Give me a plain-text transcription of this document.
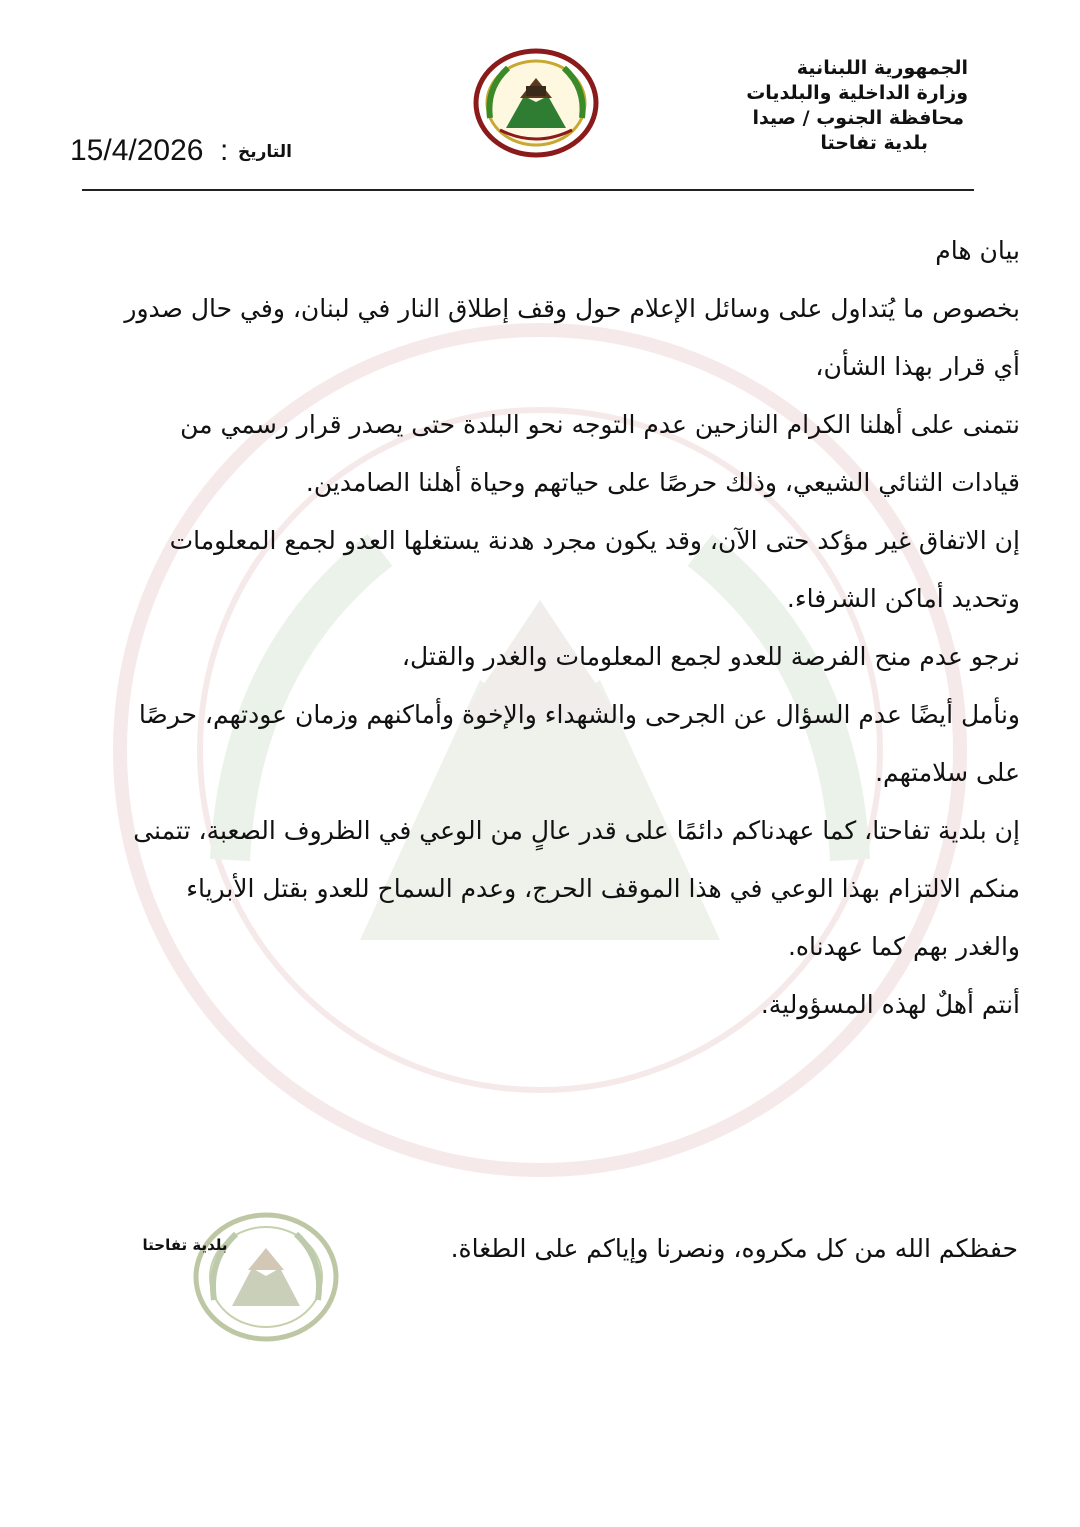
الجمهورية اللبنانية
وزارة الداخلية والبلديات
محافظة الجنوب / صيدا
بلدية تفاحتا
15/4/2026 : التاريخ
بيان هام
بخصوص ما يُتداول على وسائل الإعلام حول وقف إطلاق النار في لبنان، وفي حال صدور
أي قرار بهذا الشأن،
نتمنى على أهلنا الكرام النازحين عدم التوجه نحو البلدة حتى يصدر قرار رسمي من
قيادات الثنائي الشيعي، وذلك حرصًا على حياتهم وحياة أهلنا الصامدين.
إن الاتفاق غير مؤكد حتى الآن، وقد يكون مجرد هدنة يستغلها العدو لجمع المعلومات
وتحديد أماكن الشرفاء.
نرجو عدم منح الفرصة للعدو لجمع المعلومات والغدر والقتل،
ونأمل أيضًا عدم السؤال عن الجرحى والشهداء والإخوة وأماكنهم وزمان عودتهم، حرصًا
على سلامتهم.
إن بلدية تفاحتا، كما عهدناكم دائمًا على قدر عالٍ من الوعي في الظروف الصعبة، تتمنى
منكم الالتزام بهذا الوعي في هذا الموقف الحرج، وعدم السماح للعدو بقتل الأبرياء
والغدر بهم كما عهدناه.
أنتم أهلٌ لهذه المسؤولية.
حفظكم الله من كل مكروه، ونصرنا وإياكم على الطغاة.
بلدية تفاحتا
